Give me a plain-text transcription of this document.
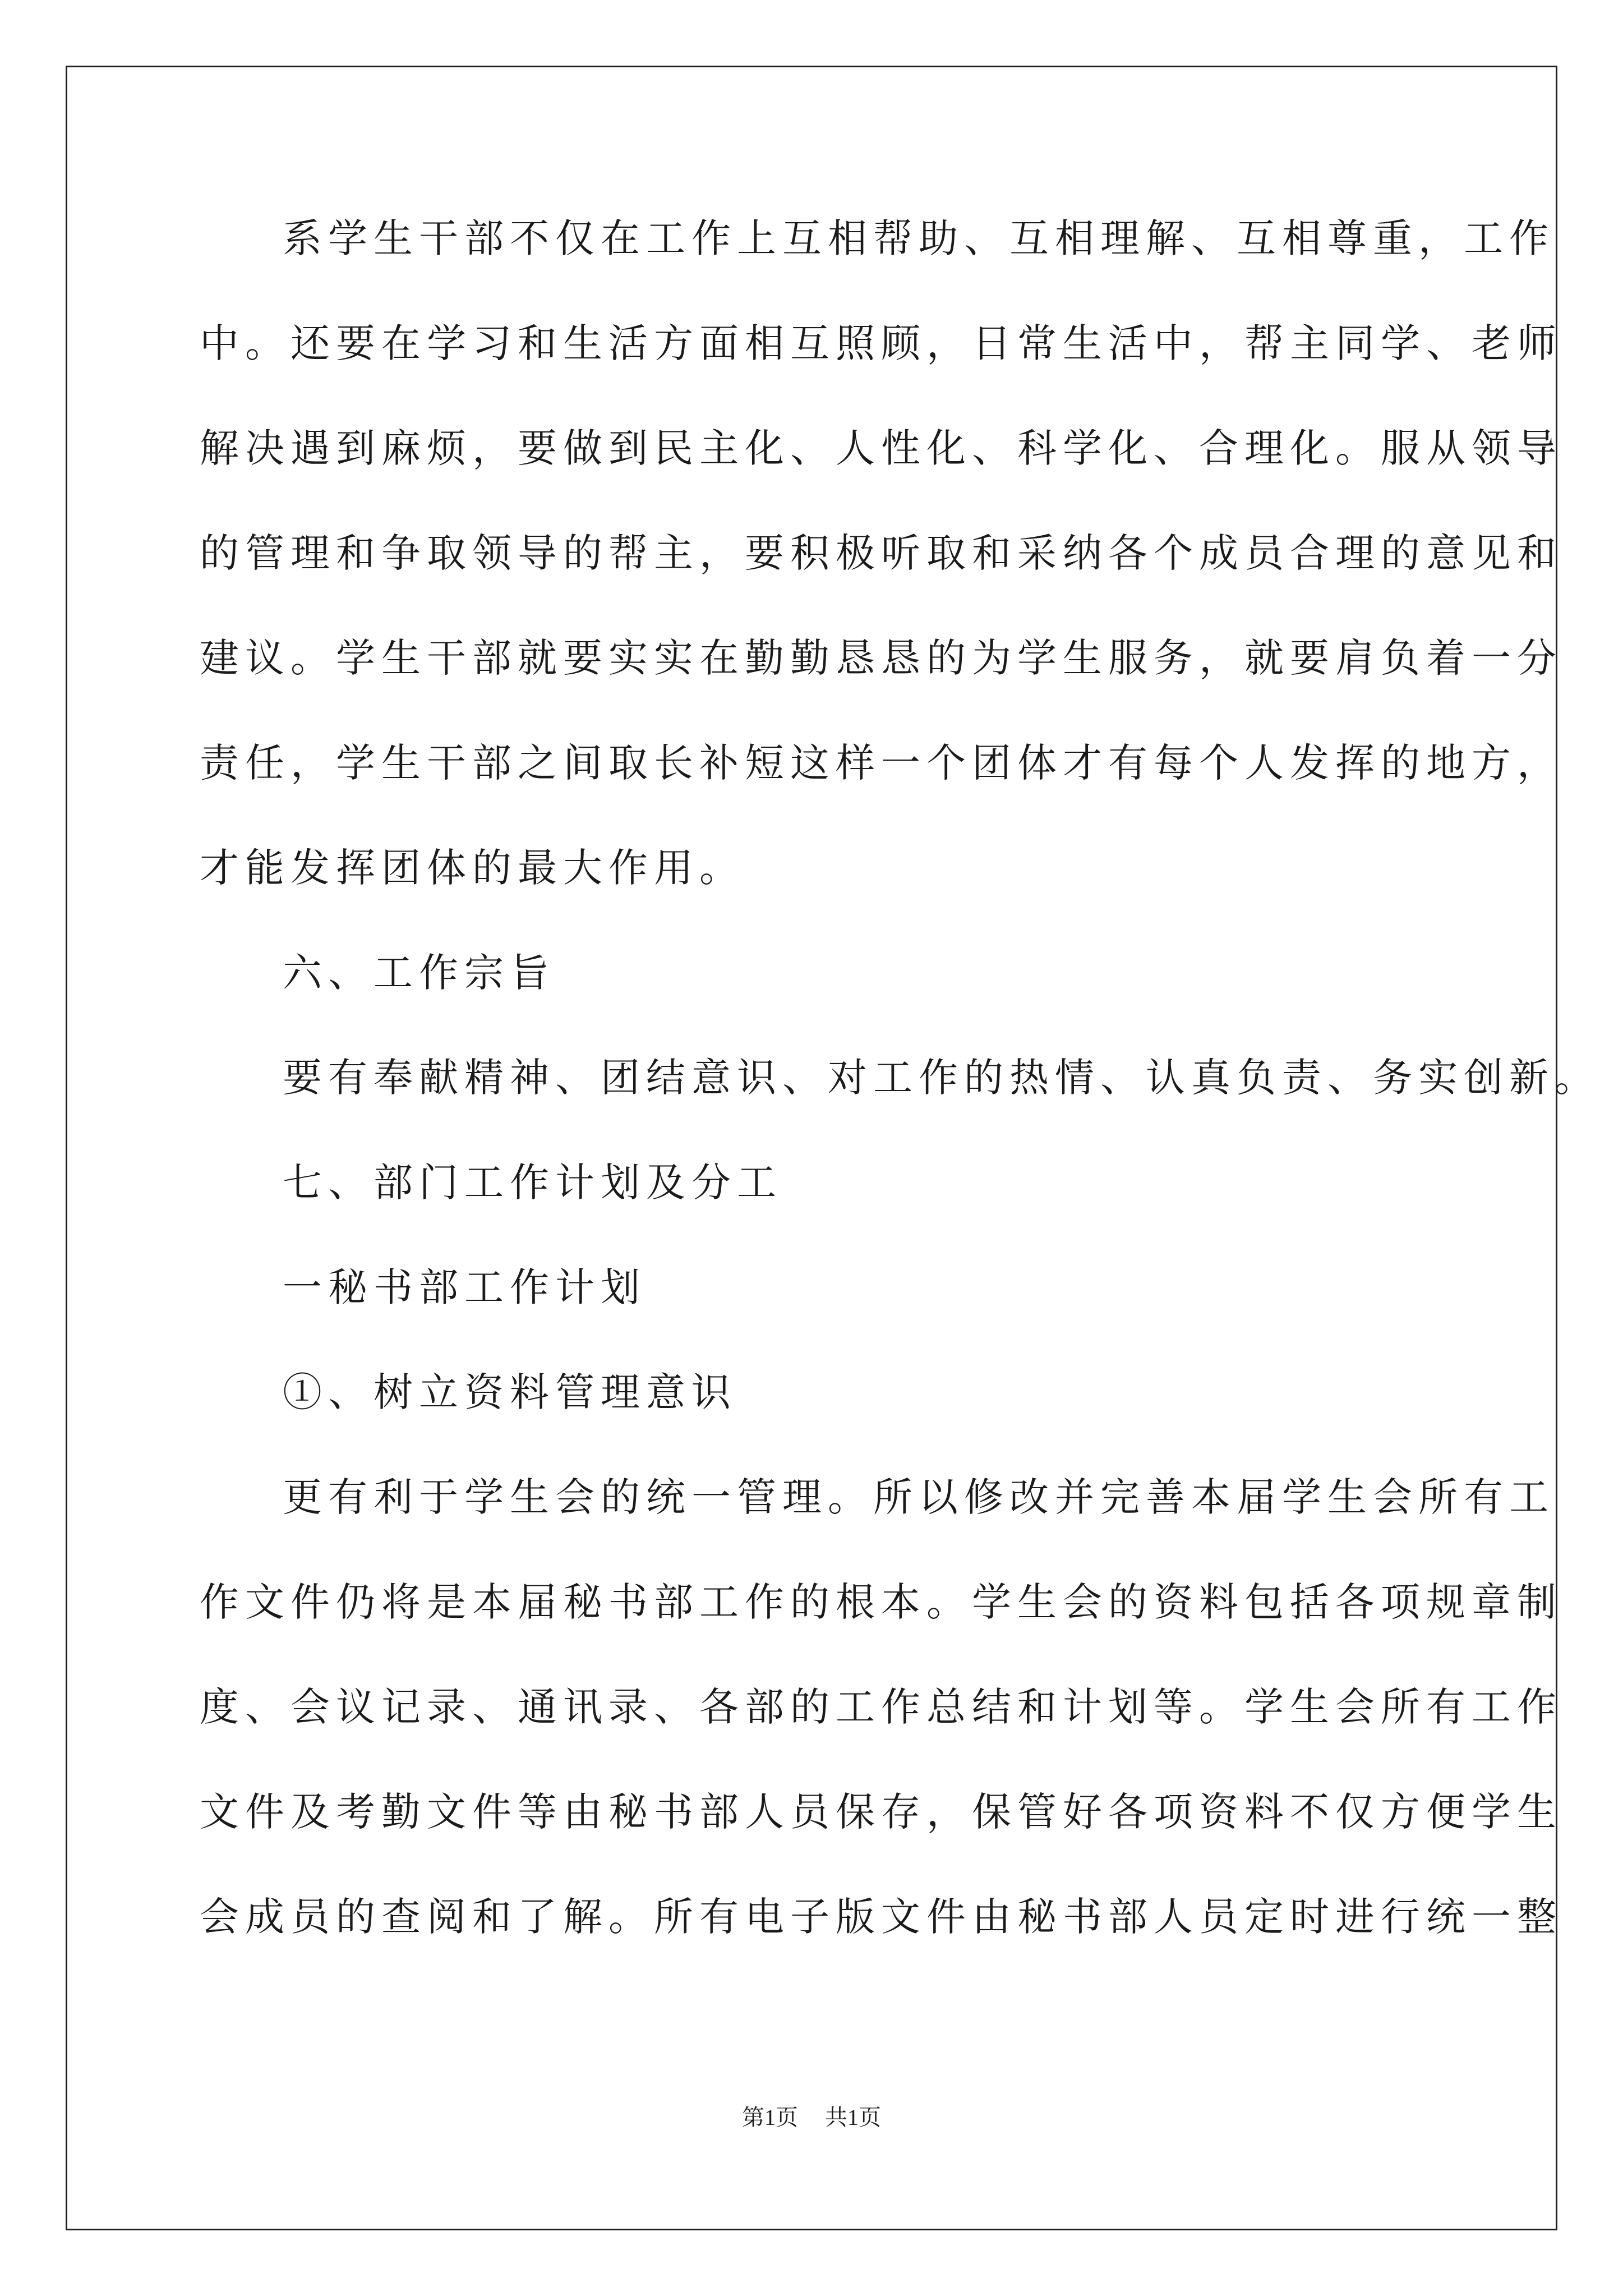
系学生干部不仅在工作上互相帮助、互相理解、互相尊重，工作
中。还要在学习和生活方面相互照顾，日常生活中，帮主同学、老师
解决遇到麻烦，要做到民主化、人性化、科学化、合理化。服从领导
的管理和争取领导的帮主，要积极听取和采纳各个成员合理的意见和
建议。学生干部就要实实在勤勤恳恳的为学生服务，就要肩负着一分
责任，学生干部之间取长补短这样一个团体才有每个人发挥的地方，
才能发挥团体的最大作用。
六、工作宗旨
要有奉献精神、团结意识、对工作的热情、认真负责、务实创新。
七、部门工作计划及分工
一秘书部工作计划
①、树立资料管理意识
更有利于学生会的统一管理。所以修改并完善本届学生会所有工
作文件仍将是本届秘书部工作的根本。学生会的资料包括各项规章制
度、会议记录、通讯录、各部的工作总结和计划等。学生会所有工作
文件及考勤文件等由秘书部人员保存，保管好各项资料不仅方便学生
会成员的查阅和了解。所有电子版文件由秘书部人员定时进行统一整
第1页 共1页
